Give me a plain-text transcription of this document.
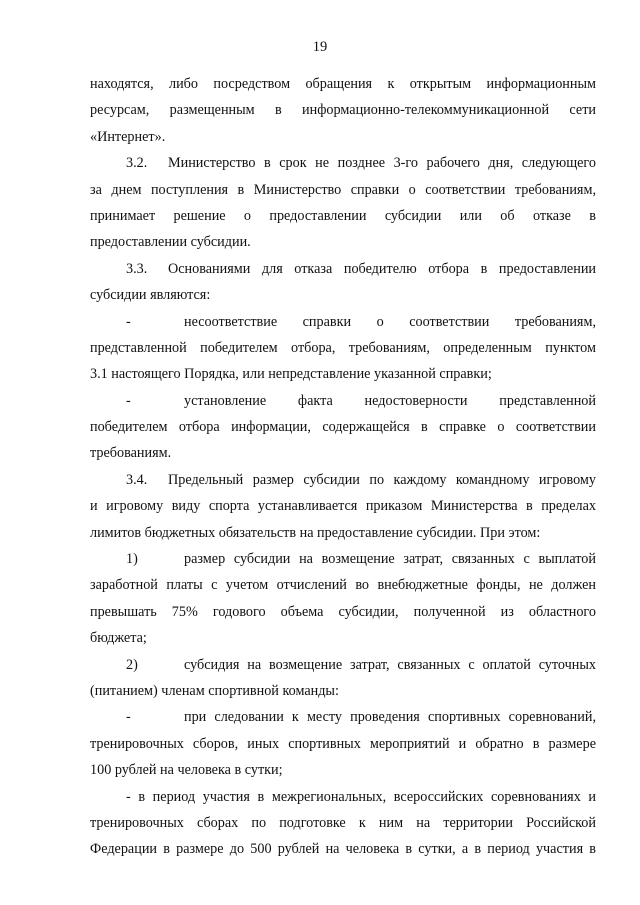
19
находятся, либо посредством обращения к открытым информационным
ресурсам, размещенным в информационно-телекоммуникационной сети
«Интернет».
3.2. Министерство в срок не позднее 3-го рабочего дня, следующего
за днем поступления в Министерство справки о соответствии требованиям,
принимает решение о предоставлении субсидии или об отказе в
предоставлении субсидии.
3.3. Основаниями для отказа победителю отбора в предоставлении
субсидии являются:
-	несоответствие справки о соответствии требованиям,
представленной победителем отбора, требованиям, определенным пунктом
3.1 настоящего Порядка, или непредставление указанной справки;
-	установление факта недостоверности представленной
победителем отбора информации, содержащейся в справке о соответствии
требованиям.
3.4. Предельный размер субсидии по каждому командному игровому
и игровому виду спорта устанавливается приказом Министерства в пределах
лимитов бюджетных обязательств на предоставление субсидии. При этом:
1)	размер субсидии на возмещение затрат, связанных с выплатой
заработной платы с учетом отчислений во внебюджетные фонды, не должен
превышать 75% годового объема субсидии, полученной из областного
бюджета;
2)	субсидия на возмещение затрат, связанных с оплатой суточных
(питанием) членам спортивной команды:
-	при следовании к месту проведения спортивных соревнований,
тренировочных сборов, иных спортивных мероприятий и обратно в размере
100 рублей на человека в сутки;
- в период участия в межрегиональных, всероссийских соревнованиях и
тренировочных сборах по подготовке к ним на территории Российской
Федерации в размере до 500 рублей на человека в сутки, а в период участия в
